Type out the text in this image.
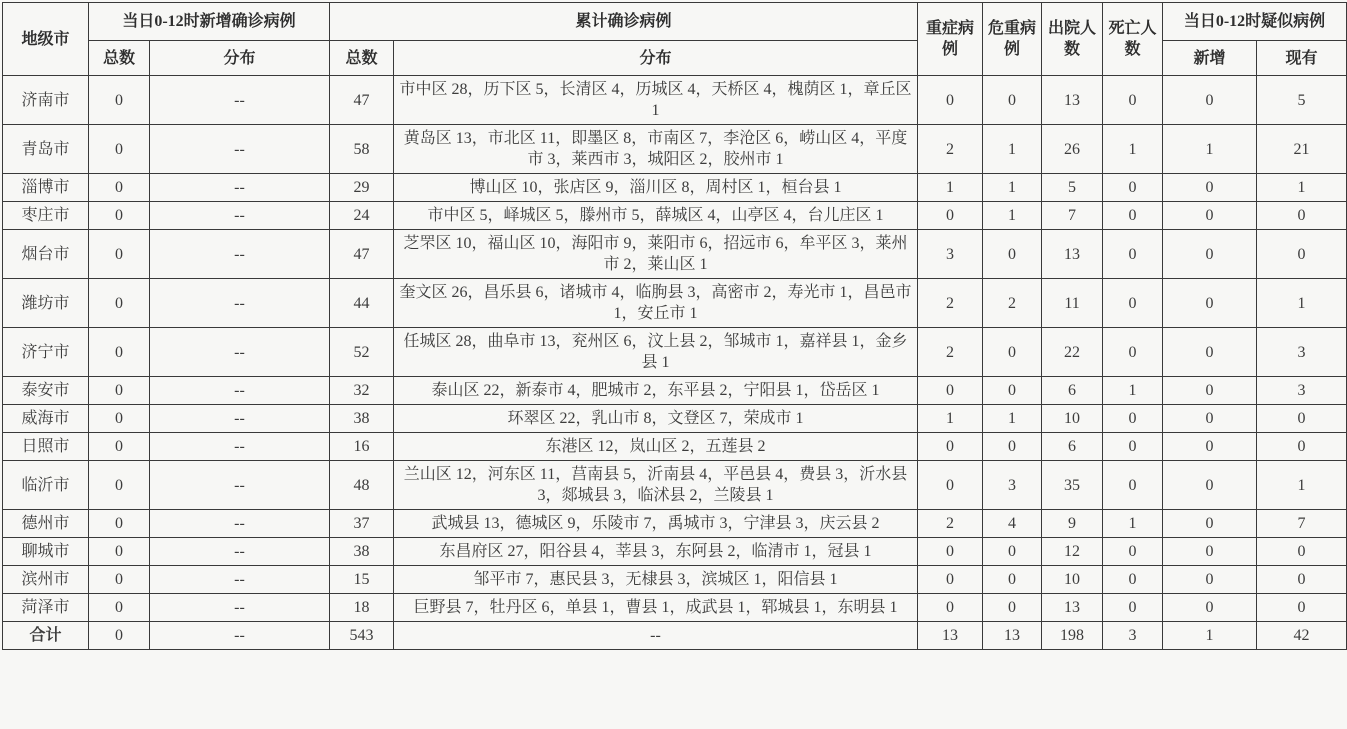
地级市	当日0-12时新增确诊病例		累计确诊病例		重症病例	危重病例	出院人数	死亡人数	当日0-12时疑似病例	
	总数	分布	总数	分布					新增	现有
济南市	0	--	47	市中区 28，历下区 5，长清区 4，历城区 4，天桥区 4，槐荫区 1，章丘区 1	0	0	13	0	0	5
青岛市	0	--	58	黄岛区 13，市北区 11，即墨区 8，市南区 7，李沧区 6，崂山区 4，平度市 3，莱西市 3，城阳区 2，胶州市 1	2	1	26	1	1	21
淄博市	0	--	29	博山区 10，张店区 9，淄川区 8，周村区 1，桓台县 1	1	1	5	0	0	1
枣庄市	0	--	24	市中区 5，峄城区 5，滕州市 5，薛城区 4，山亭区 4，台儿庄区 1	0	1	7	0	0	0
烟台市	0	--	47	芝罘区 10，福山区 10，海阳市 9，莱阳市 6，招远市 6，牟平区 3，莱州市 2，莱山区 1	3	0	13	0	0	0
潍坊市	0	--	44	奎文区 26，昌乐县 6，诸城市 4，临朐县 3，高密市 2，寿光市 1，昌邑市 1，安丘市 1	2	2	11	0	0	1
济宁市	0	--	52	任城区 28，曲阜市 13，兖州区 6，汶上县 2，邹城市 1，嘉祥县 1，金乡县 1	2	0	22	0	0	3
泰安市	0	--	32	泰山区 22，新泰市 4，肥城市 2，东平县 2，宁阳县 1，岱岳区 1	0	0	6	1	0	3
威海市	0	--	38	环翠区 22，乳山市 8，文登区 7，荣成市 1	1	1	10	0	0	0
日照市	0	--	16	东港区 12，岚山区 2，五莲县 2	0	0	6	0	0	0
临沂市	0	--	48	兰山区 12，河东区 11，莒南县 5，沂南县 4，平邑县 4，费县 3，沂水县 3，郯城县 3，临沭县 2，兰陵县 1	0	3	35	0	0	1
德州市	0	--	37	武城县 13，德城区 9，乐陵市 7，禹城市 3，宁津县 3，庆云县 2	2	4	9	1	0	7
聊城市	0	--	38	东昌府区 27，阳谷县 4，莘县 3，东阿县 2，临清市 1，冠县 1	0	0	12	0	0	0
滨州市	0	--	15	邹平市 7，惠民县 3，无棣县 3，滨城区 1，阳信县 1	0	0	10	0	0	0
菏泽市	0	--	18	巨野县 7，牡丹区 6，单县 1，曹县 1，成武县 1，郓城县 1，东明县 1	0	0	13	0	0	0
合计	0	--	543	--	13	13	198	3	1	42
